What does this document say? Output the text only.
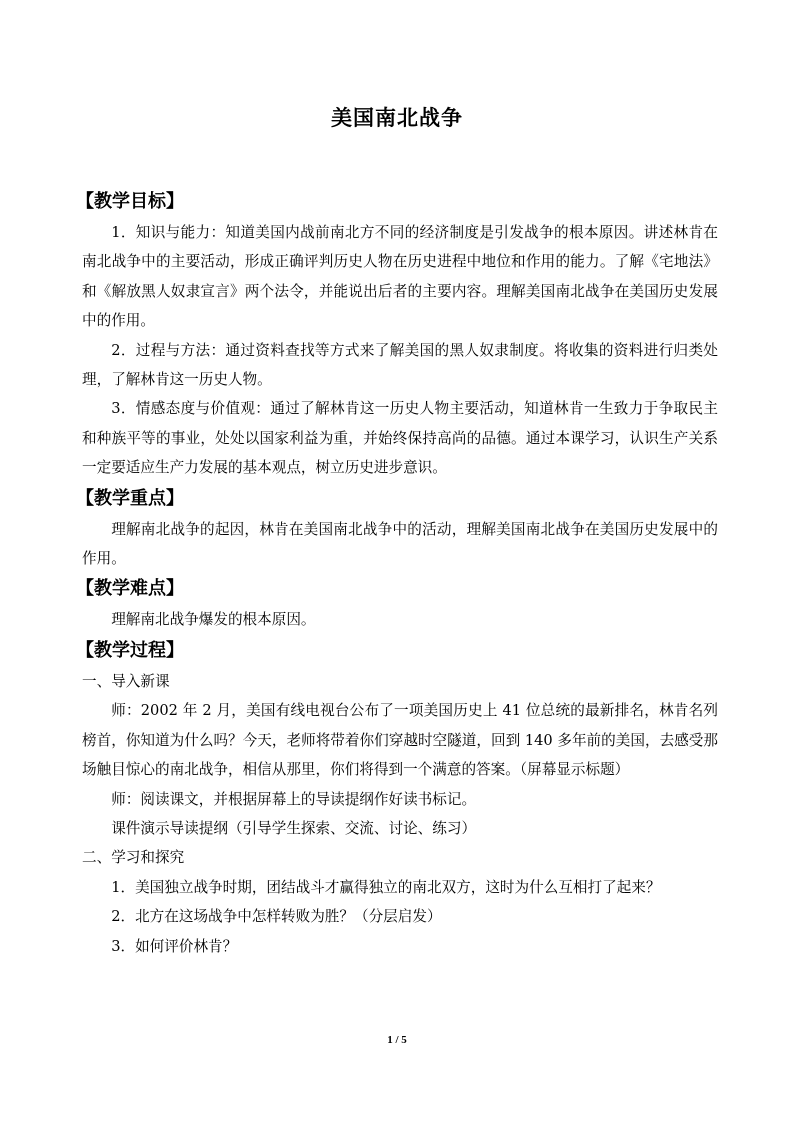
美国南北战争
【教学目标】

1．知识与能力：知道美国内战前南北方不同的经济制度是引发战争的根本原因。讲述林肯在南北战争中的主要活动，形成正确评判历史人物在历史进程中地位和作用的能力。了解《宅地法》和《解放黑人奴隶宣言》两个法令，并能说出后者的主要内容。理解美国南北战争在美国历史发展中的作用。

2．过程与方法：通过资料查找等方式来了解美国的黑人奴隶制度。将收集的资料进行归类处理，了解林肯这一历史人物。

3．情感态度与价值观：通过了解林肯这一历史人物主要活动，知道林肯一生致力于争取民主和种族平等的事业，处处以国家利益为重，并始终保持高尚的品德。通过本课学习，认识生产关系一定要适应生产力发展的基本观点，树立历史进步意识。

【教学重点】

理解南北战争的起因，林肯在美国南北战争中的活动，理解美国南北战争在美国历史发展中的作用。

【教学难点】

理解南北战争爆发的根本原因。

【教学过程】

一、导入新课

师：2002 年 2 月，美国有线电视台公布了一项美国历史上 41 位总统的最新排名，林肯名列榜首，你知道为什么吗？今天，老师将带着你们穿越时空隧道，回到 140 多年前的美国，去感受那场触目惊心的南北战争，相信从那里，你们将得到一个满意的答案。（屏幕显示标题）

师：阅读课文，并根据屏幕上的导读提纲作好读书标记。

课件演示导读提纲（引导学生探索、交流、讨论、练习）

二、学习和探究

1．美国独立战争时期，团结战斗才赢得独立的南北双方，这时为什么互相打了起来？

2．北方在这场战争中怎样转败为胜？（分层启发）

3．如何评价林肯？

1 / 5
